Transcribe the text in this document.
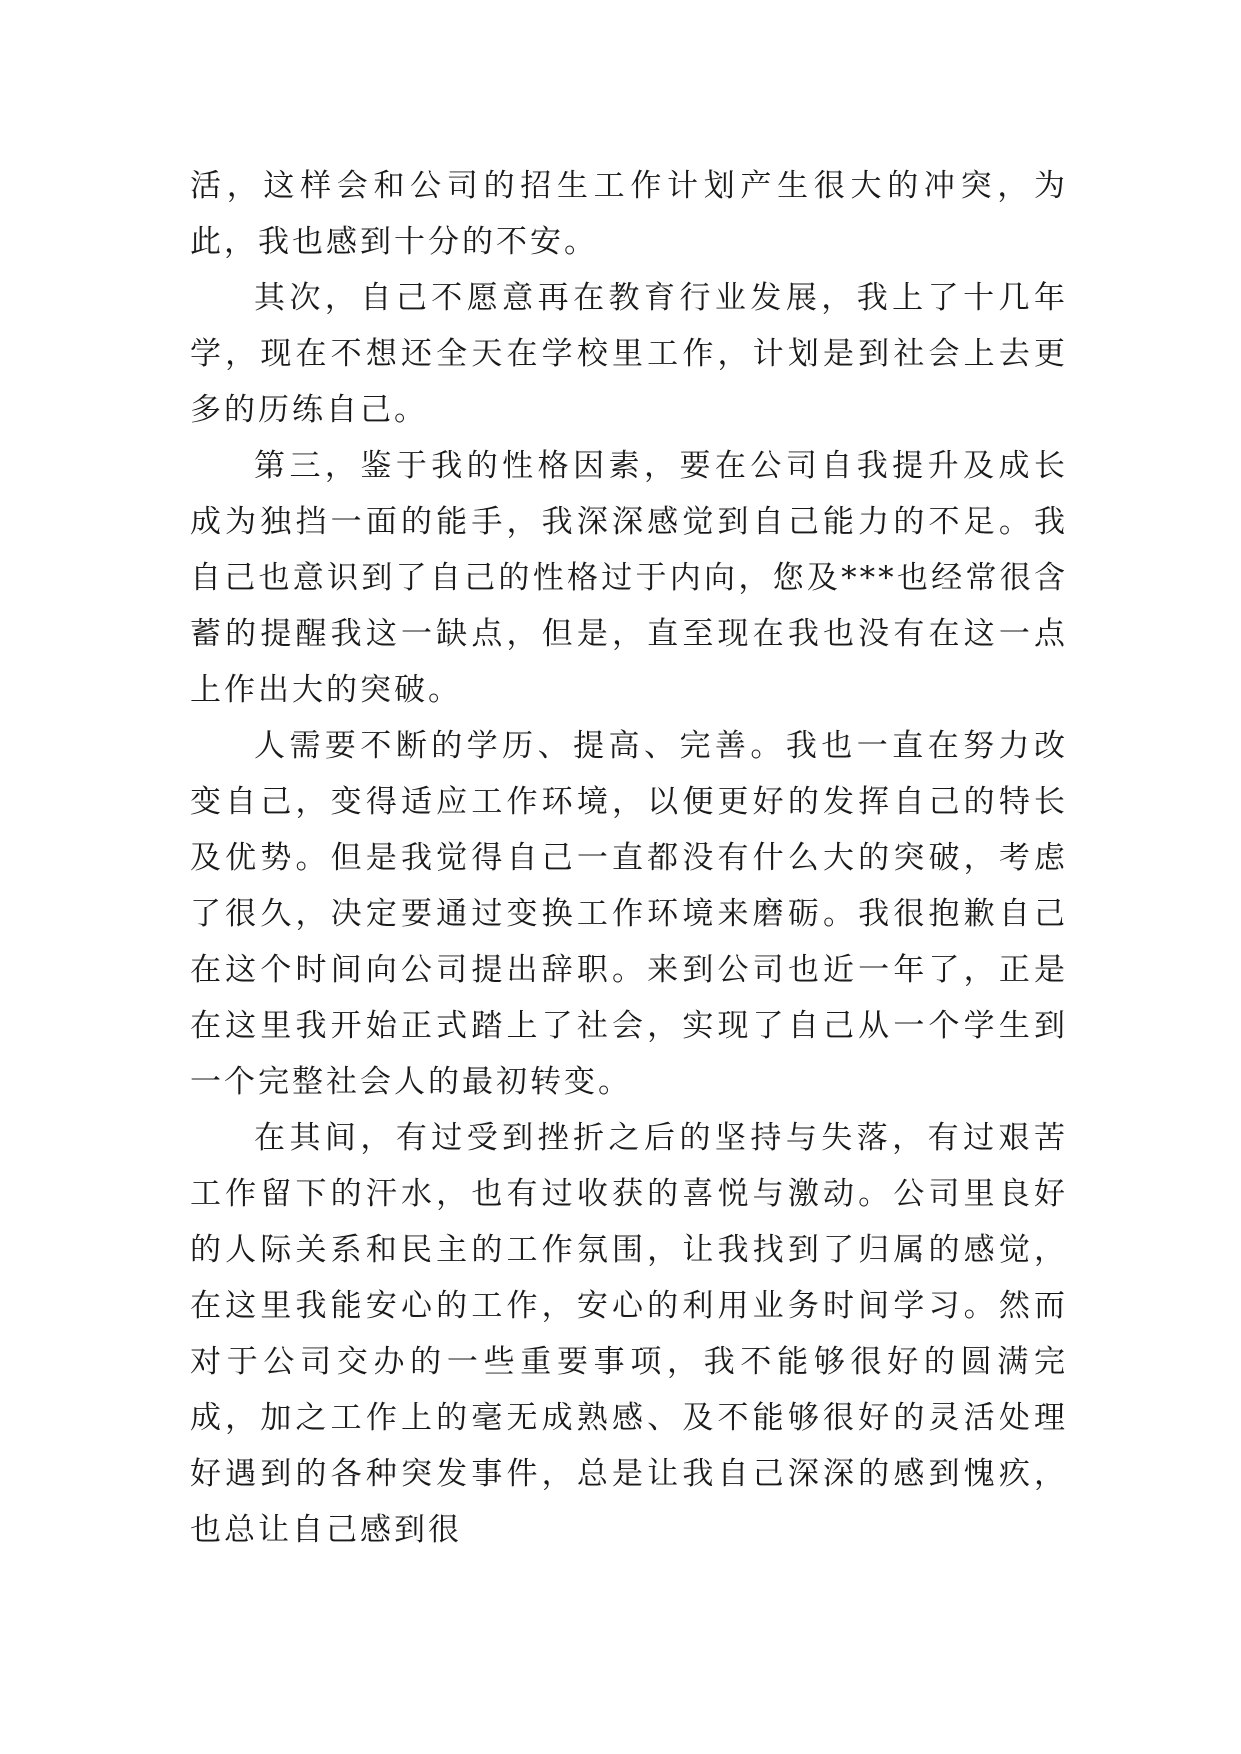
活，这样会和公司的招生工作计划产生很大的冲突，为此，我也感到十分的不安。

其次，自己不愿意再在教育行业发展，我上了十几年学，现在不想还全天在学校里工作，计划是到社会上去更多的历练自己。

第三，鉴于我的性格因素，要在公司自我提升及成长成为独挡一面的能手，我深深感觉到自己能力的不足。我自己也意识到了自己的性格过于内向，您及***也经常很含蓄的提醒我这一缺点，但是，直至现在我也没有在这一点上作出大的突破。

人需要不断的学历、提高、完善。我也一直在努力改变自己，变得适应工作环境，以便更好的发挥自己的特长及优势。但是我觉得自己一直都没有什么大的突破，考虑了很久，决定要通过变换工作环境来磨砺。我很抱歉自己在这个时间向公司提出辞职。来到公司也近一年了，正是在这里我开始正式踏上了社会，实现了自己从一个学生到一个完整社会人的最初转变。

在其间，有过受到挫折之后的坚持与失落，有过艰苦工作留下的汗水，也有过收获的喜悦与激动。公司里良好的人际关系和民主的工作氛围，让我找到了归属的感觉，在这里我能安心的工作，安心的利用业务时间学习。然而对于公司交办的一些重要事项，我不能够很好的圆满完成，加之工作上的毫无成熟感、及不能够很好的灵活处理好遇到的各种突发事件，总是让我自己深深的感到愧疚，也总让自己感到很
